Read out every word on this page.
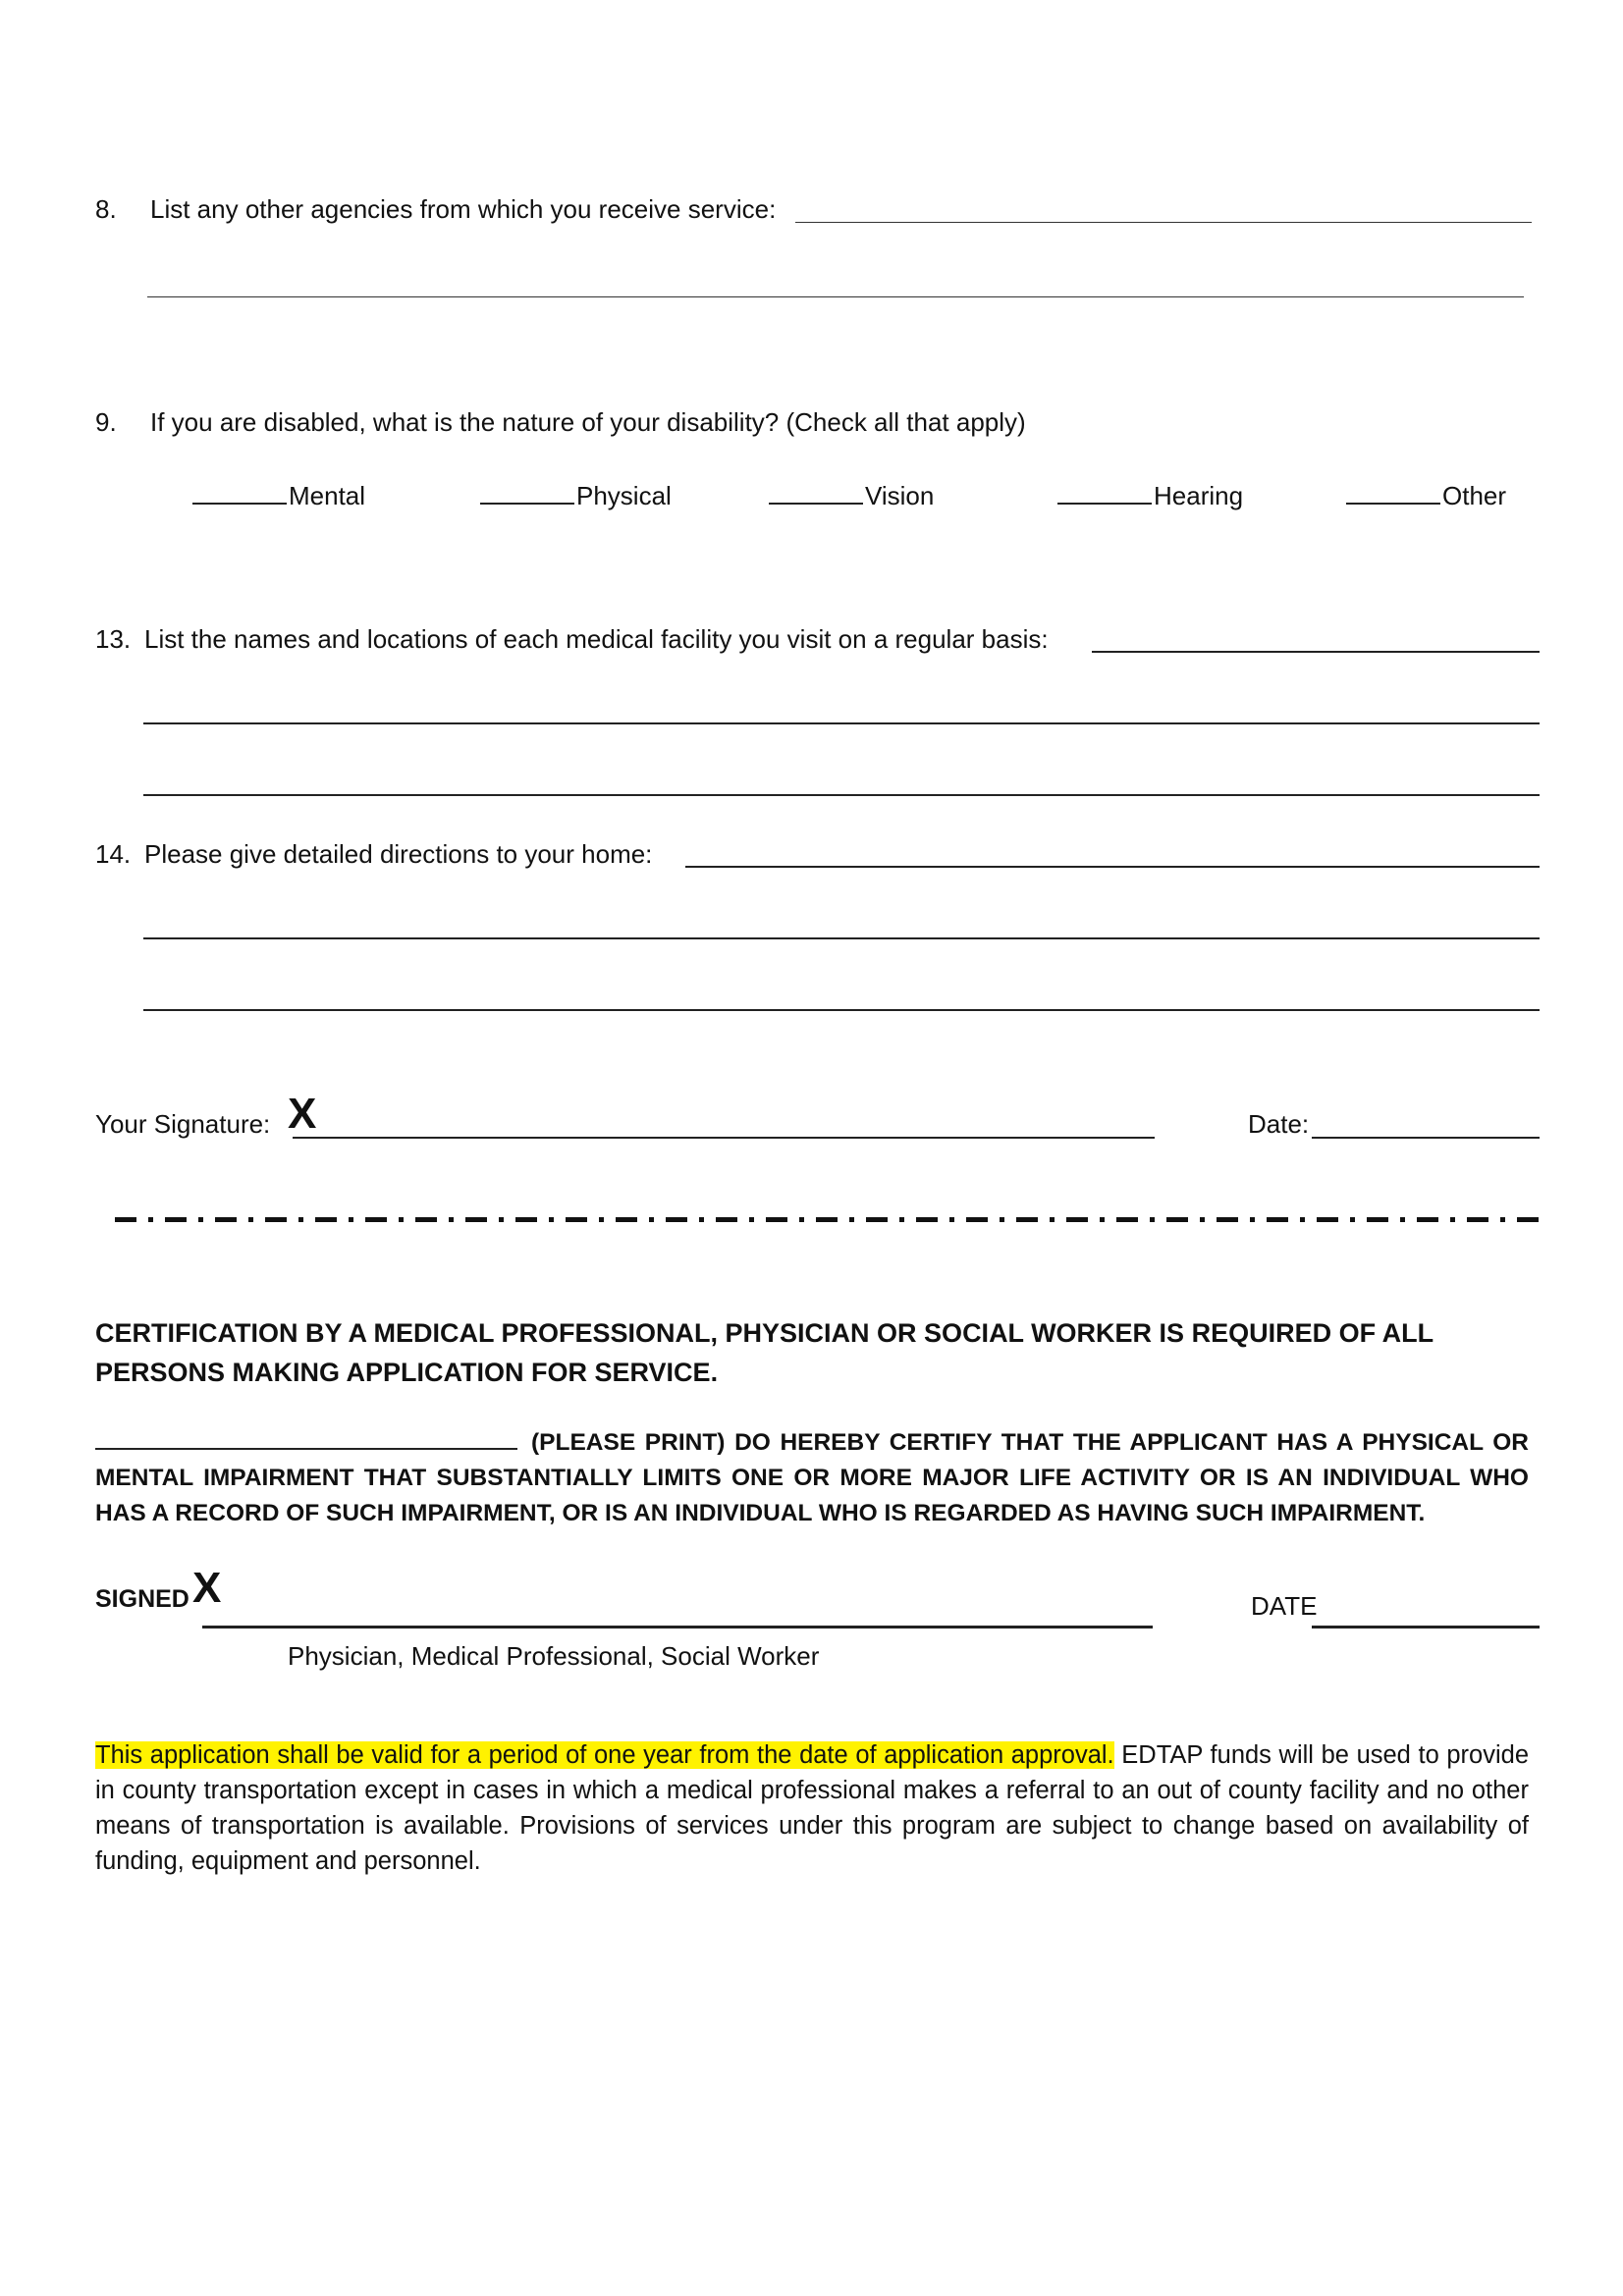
8. List any other agencies from which you receive service:
9. If you are disabled, what is the nature of your disability? (Check all that apply)
Mental	Physical	Vision	Hearing	Other
13. List the names and locations of each medical facility you visit on a regular basis:
14. Please give detailed directions to your home:
Your Signature: X	Date:
CERTIFICATION BY A MEDICAL PROFESSIONAL, PHYSICIAN OR SOCIAL WORKER IS REQUIRED OF ALL PERSONS MAKING APPLICATION FOR SERVICE.
(PLEASE PRINT) DO HEREBY CERTIFY THAT THE APPLICANT HAS A PHYSICAL OR MENTAL IMPAIRMENT THAT SUBSTANTIALLY LIMITS ONE OR MORE MAJOR LIFE ACTIVITY OR IS AN INDIVIDUAL WHO HAS A RECORD OF SUCH IMPAIRMENT, OR IS AN INDIVIDUAL WHO IS REGARDED AS HAVING SUCH IMPAIRMENT.
SIGNED X	DATE
Physician, Medical Professional, Social Worker
This application shall be valid for a period of one year from the date of application approval. EDTAP funds will be used to provide in county transportation except in cases in which a medical professional makes a referral to an out of county facility and no other means of transportation is available. Provisions of services under this program are subject to change based on availability of funding, equipment and personnel.
